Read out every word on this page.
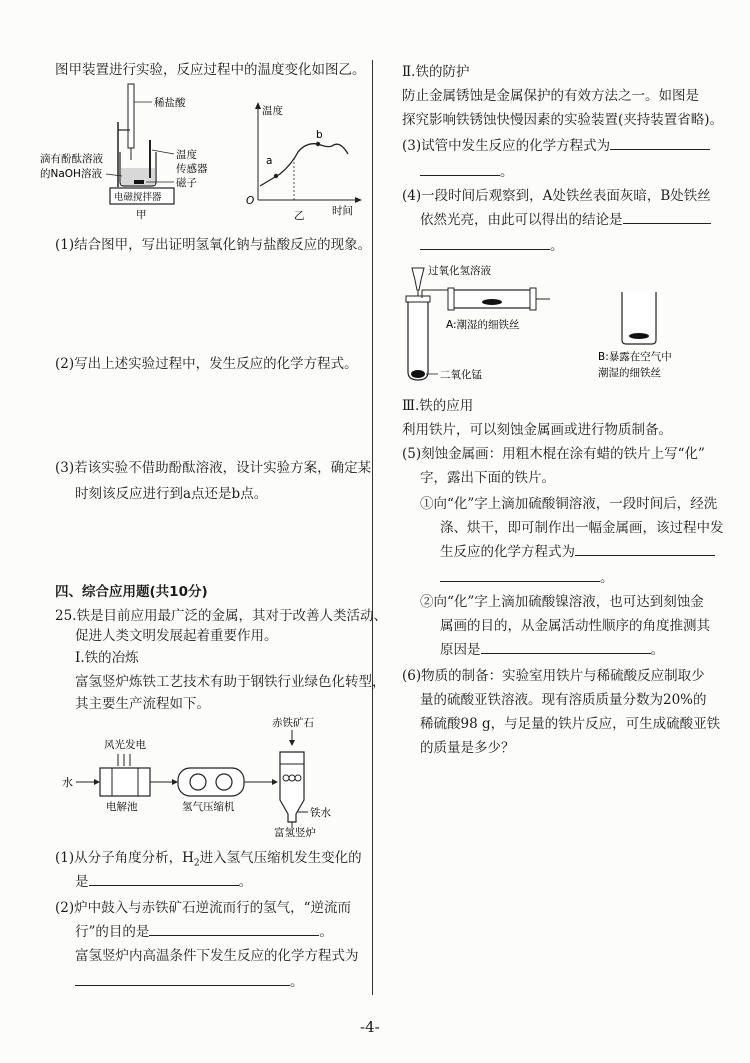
图甲装置进行实验，反应过程中的温度变化如图乙。
稀盐酸
温度
传感器
磁子
滴有酚酞溶液
的NaOH溶液
电磁搅拌器
甲
温度
时间
O
a
b
乙
(1)结合图甲，写出证明氢氧化钠与盐酸反应的现象。
(2)写出上述实验过程中，发生反应的化学方程式。
(3)若该实验不借助酚酞溶液，设计实验方案，确定某
时刻该反应进行到a点还是b点。
四、综合应用题(共10分)
25.铁是目前应用最广泛的金属，其对于改善人类活动、
促进人类文明发展起着重要作用。
Ⅰ.铁的冶炼
富氢竖炉炼铁工艺技术有助于钢铁行业绿色化转型，
其主要生产流程如下。
赤铁矿石
风光发电
水
电解池	氢气压缩机	铁水
富氢竖炉
(1)从分子角度分析，$H_2$进入氢气压缩机发生变化的
是	。
(2)炉中鼓入与赤铁矿石逆流而行的氢气，“逆流而
行”的目的是	。
富氢竖炉内高温条件下发生反应的化学方程式为
。
Ⅱ.铁的防护
防止金属锈蚀是金属保护的有效方法之一。如图是
探究影响铁锈蚀快慢因素的实验装置(夹持装置省略)。
(3)试管中发生反应的化学方程式为
。
(4)一段时间后观察到，A处铁丝表面灰暗，B处铁丝
依然光亮，由此可以得出的结论是
。
过氧化氢溶液
二氧化锰
A:潮湿的细铁丝
B:暴露在空气中
潮湿的细铁丝
Ⅲ.铁的应用
利用铁片，可以刻蚀金属画或进行物质制备。
(5)刻蚀金属画：用粗木棍在涂有蜡的铁片上写“化”
字，露出下面的铁片。
①向“化”字上滴加硫酸铜溶液，一段时间后，经洗
涤、烘干，即可制作出一幅金属画，该过程中发
生反应的化学方程式为
。
②向“化”字上滴加硫酸镍溶液，也可达到刻蚀金
属画的目的，从金属活动性顺序的角度推测其
原因是	。
(6)物质的制备：实验室用铁片与稀硫酸反应制取少
量的硫酸亚铁溶液。现有溶质质量分数为20%的
稀硫酸98 g，与足量的铁片反应，可生成硫酸亚铁
的质量是多少？
-4-
